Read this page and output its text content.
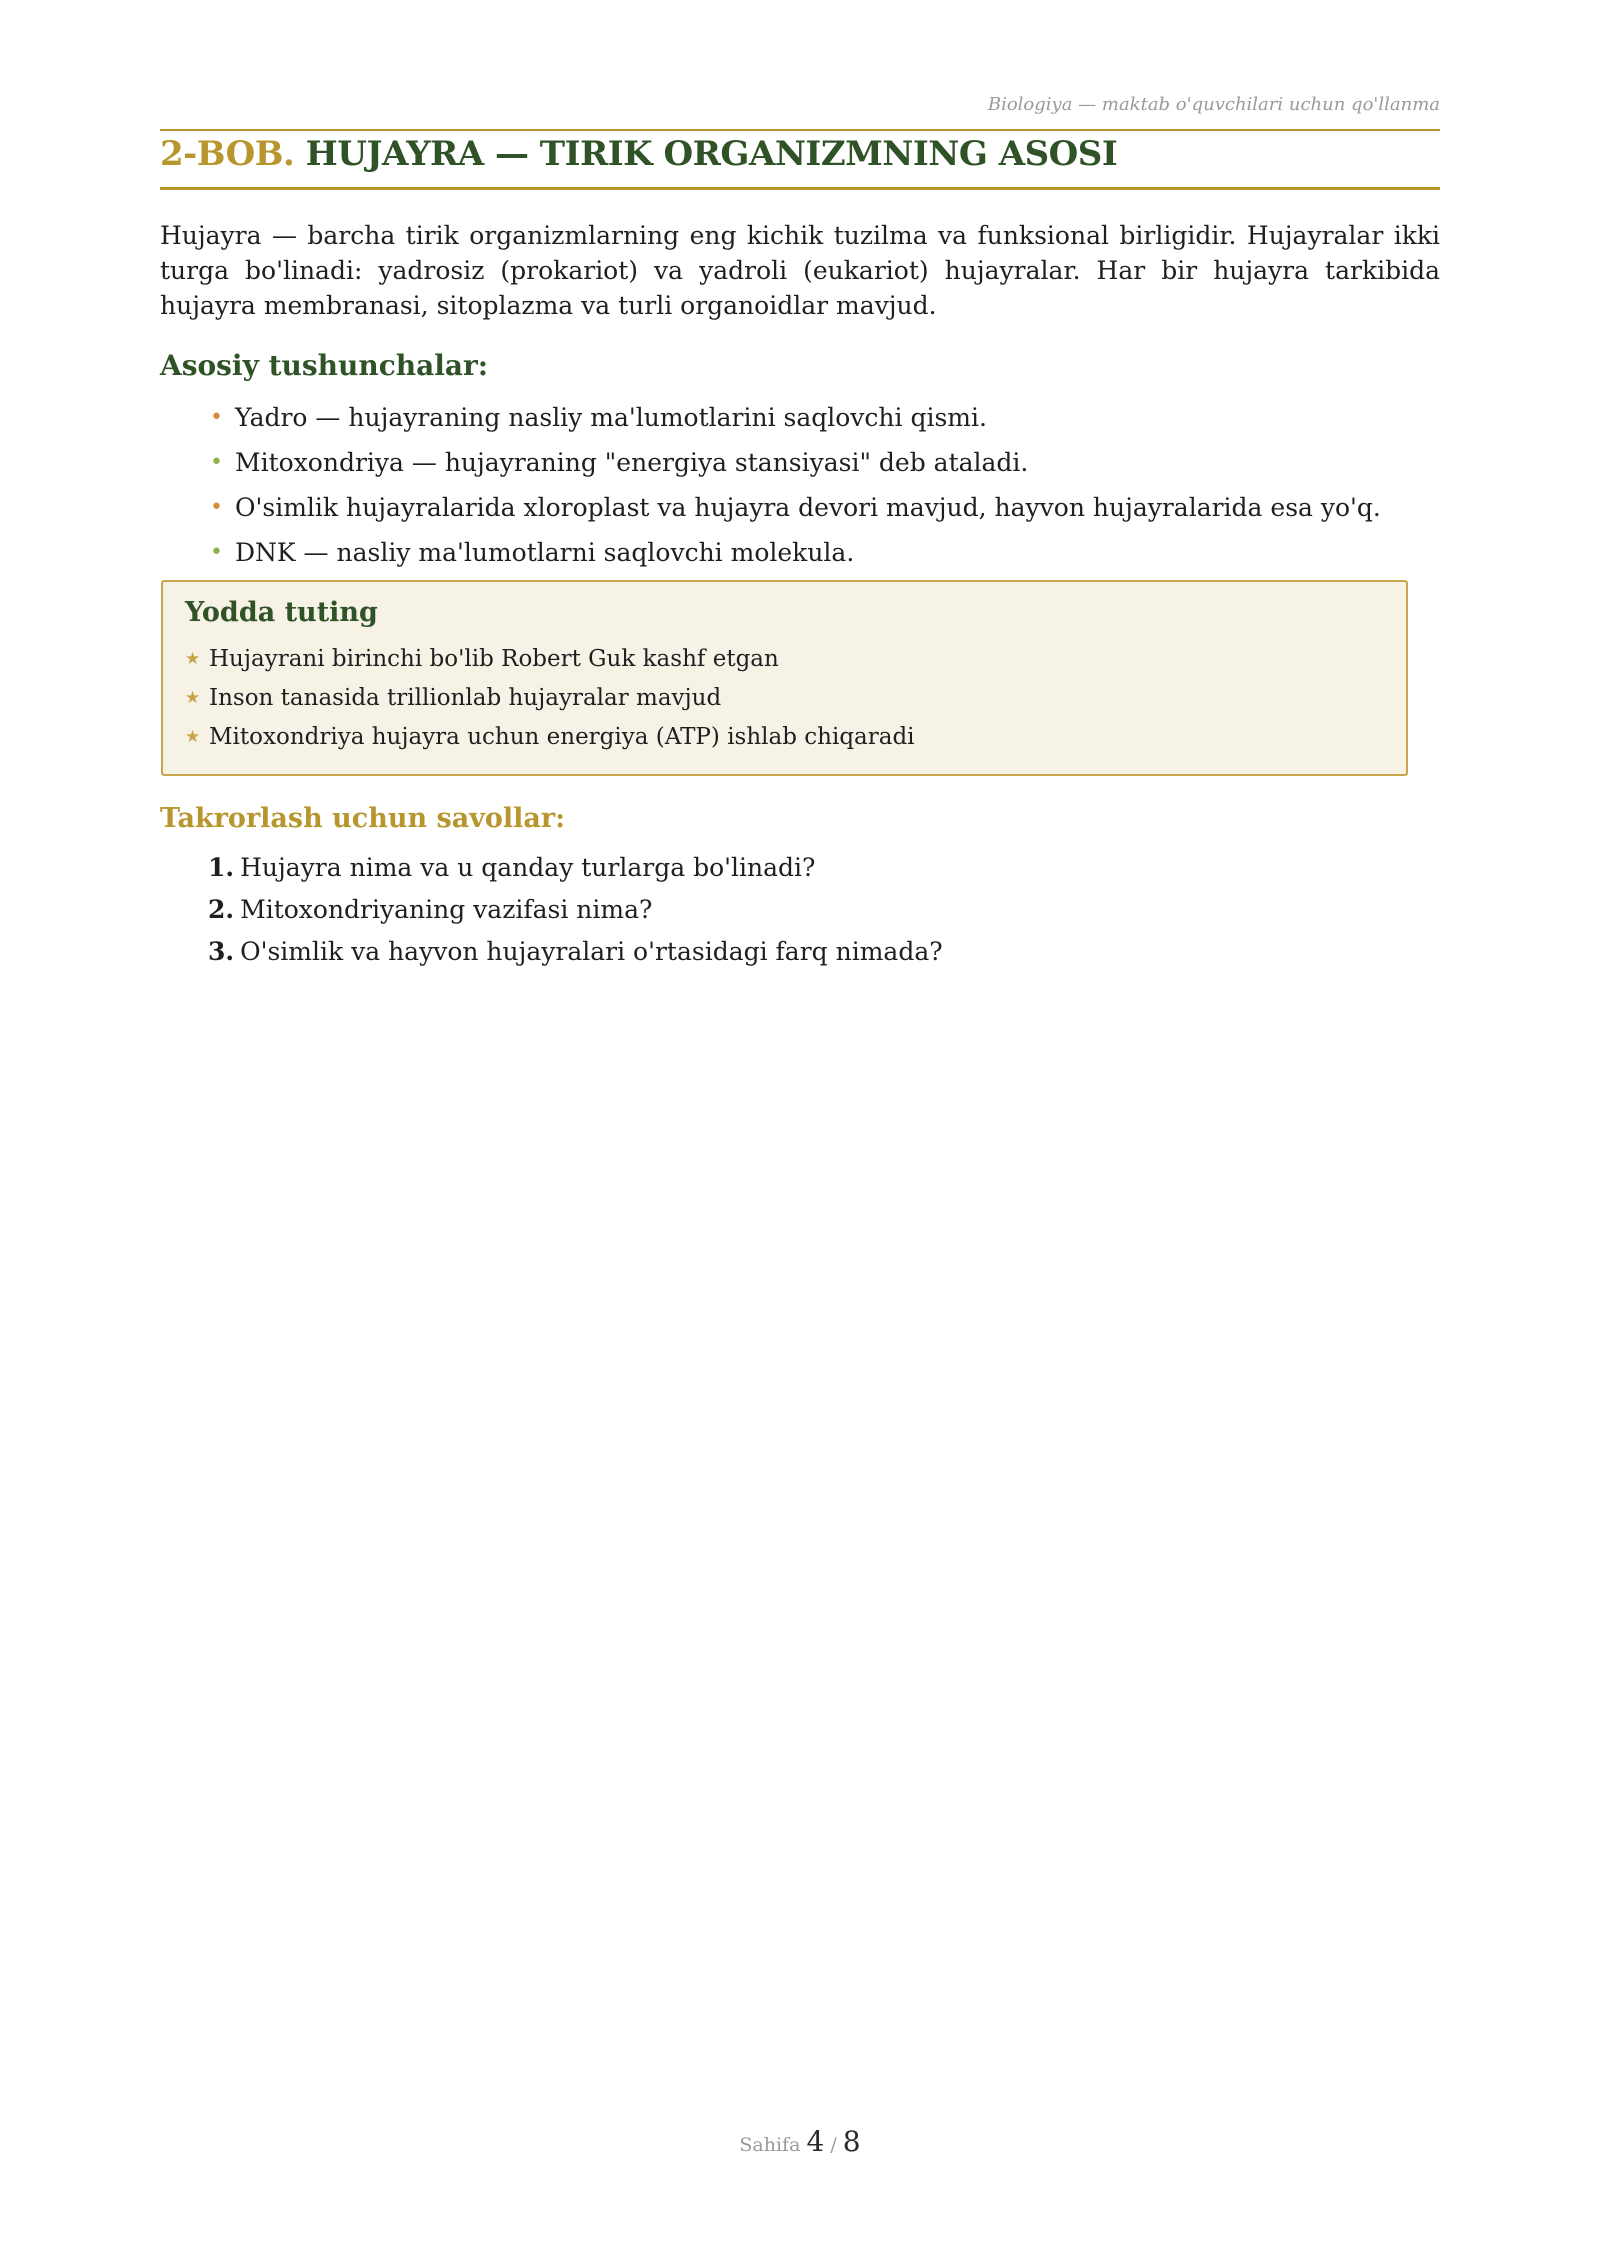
Biologiya — maktab o'quvchilari uchun qo'llanma
2-BOB. HUJAYRA — TIRIK ORGANIZMNING ASOSI

Hujayra — barcha tirik organizmlarning eng kichik tuzilma va funksional birligidir. Hujayralar ikki turga bo'linadi: yadrosiz (prokariot) va yadroli (eukariot) hujayralar. Har bir hujayra tarkibida hujayra membranasi, sitoplazma va turli organoidlar mavjud.

Asosiy tushunchalar:
• Yadro — hujayraning nasliy ma'lumotlarini saqlovchi qismi.
• Mitoxondriya — hujayraning "energiya stansiyasi" deb ataladi.
• O'simlik hujayralarida xloroplast va hujayra devori mavjud, hayvon hujayralarida esa yo'q.
• DNK — nasliy ma'lumotlarni saqlovchi molekula.
Yodda tuting
★ Hujayrani birinchi bo'lib Robert Guk kashf etgan
★ Inson tanasida trillionlab hujayralar mavjud
★ Mitoxondriya hujayra uchun energiya (ATP) ishlab chiqaradi
Takrorlash uchun savollar:
1. Hujayra nima va u qanday turlarga bo'linadi?
2. Mitoxondriyaning vazifasi nima?
3. O'simlik va hayvon hujayralari o'rtasidagi farq nimada?
Sahifa 4 / 8
